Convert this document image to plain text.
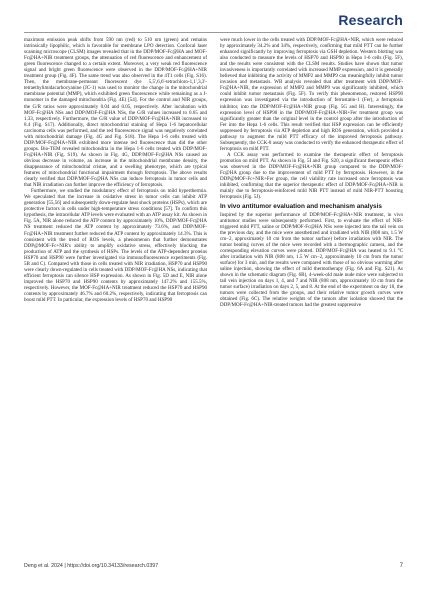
Research

maximum emission peak shifts from 590 nm (red) to 510 nm (green) and remains intrinsically lipophilic, which is favorable for membrane LPO detection. Confocal laser scanning microscope (CLSM) images revealed that in the DDP/MOF-Fc@HA and MOF-Fc@HA+NIR treatment groups, the attenuation of red fluorescence and enhancement of green fluorescence changed to a certain extent. Moreover, a very weak red fluorescence signal and bright green fluorescence were observed in the DDP/MOF-Fc@HA+NIR treatment group (Fig. 4F). The same trend was also observed in the 4T1 cells (Fig. S16). Then, the membrane-permeant fluorescent dye 5,5',6,6'-tetrachloro-1,1',3,3'-tetraethylimidacarbocyanine (JC-1) was used to monitor the change in the mitochondrial membrane potential (MMP), which exhibited green fluorescence while remaining as a J-monomer in the damaged mitochondria (Fig. 4E) [54]. For the control and NIR groups, the G/R ratios were approximately 0.04 and 0.05, respectively. After incubation with MOF-Fc@HA NSs and DDP/MOF-Fc@HA NSs, the G/R values increased to 0.65 and 1.33, respectively. Furthermore, the G/R value of DDP/MOF-Fc@HA+NIR increased to 8.4 (Fig. S17). Additionally, direct mitochondrial staining of Hepa 1-6 hepatocellular carcinoma cells was performed, and the red fluorescence signal was negatively correlated with mitochondrial damage (Fig. 4G and Fig. S18). The Hepa 1-6 cells treated with DDP/MOF-Fc@HA+NIR exhibited more intense red fluorescence than did the other groups. Bio-TEM revealed mitochondria in the Hepa 1-6 cells treated with DDP/MOF-Fc@HA+NIR (Fig. S19). As shown in Fig. 4G, DDP/MOF-Fc@HA NSs caused an obvious decrease in volume, an increase in the mitochondrial membrane density, the disappearance of mitochondrial cristae, and a swelling phenotype, which are typical features of mitochondrial functional impairment through ferroptosis. The above results clearly verified that DDP/MOF-Fc@HA NSs can induce ferroptosis in tumor cells and that NIR irradiation can further improve the efficiency of ferroptosis.

Furthermore, we studied the modulatory effect of ferroptosis on mild hyperthermia. We speculated that the increase in oxidative stress in tumor cells can inhibit ATP generation [55,56] and subsequently down-regulate heat shock proteins (HSPs), which are protective factors in cells under high-temperature stress conditions [57]. To confirm this hypothesis, the intracellular ATP levels were evaluated with an ATP assay kit. As shown in Fig. 5A, NIR alone reduced the ATP content by approximately 10%, DDP/MOF-Fc@HA NS treatment reduced the ATP content by approximately 73.6%, and DDP/MOF-Fc@HA+NIR treatment further reduced the ATP content by approximately 14.3%. This is consistent with the trend of ROS levels, a phenomenon that further demonstrates DDP@MOF-Fc+NIR's ability to amplify oxidative stress, effectively blocking the production of ATP and the synthesis of HSPs. The levels of the ATP-dependent proteins HSP70 and HSP90 were further investigated via immunofluorescence experiments (Fig. 5B and C). Compared with those in cells treated with NIR irradiation, HSP70 and HSP90 were clearly down-regulated in cells treated with DDP/MOF-Fc@HA NSs, indicating that efficient ferroptosis can silence HSP expression. As shown in Fig. 5D and E, NIR alone improved the HSP70 and HSP90 contents by approximately 147.2% and 155.5%, respectively. However, the MOF-Fc@HA+NIR treatment reduced the HSP70 and HSP90 contents by approximately 46.7% and 60.2%, respectively, indicating that ferroptosis can boost mild PTT. In particular, the expression levels of HSP70 and HSP90

were much lower in the cells treated with DDP/MOF-Fc@HA+NIR, which were reduced by approximately 34.2% and 34%, respectively, confirming that mild PTT can be further enhanced significantly by improving ferroptosis via GSH depletion. Western blotting was also conducted to measure the levels of HSP70 and HSP90 in Hepa 1-6 cells (Fig. 5F), and the results were consistent with the CLSM results. Studies have shown that tumor invasiveness is importantly correlated with increased MMP expression, and it is generally believed that inhibiting the activity of MMP2 and MMP9 can meaningfully inhibit tumor invasion and metastasis. WB analysis revealed that after treatment with DDP/MOF-Fc@HA+NIR, the expression of MMP2 and MMP9 was significantly inhibited, which could inhibit tumor metastasis (Fig. 5F). To verify this phenomenon, restored HSP90 expression was investigated via the introduction of ferrostatin-1 (Fer), a ferroptosis inhibitor, into the DDP/MOF-Fc@HA+NIR group (Fig. 5G and H). Interestingly, the expression level of HSP90 in the DDP/MOF-Fc@HA+NIR+Fer treatment group was significantly greater than the original level in the control group after the introduction of Fer into the Hepa 1-6 cells. This result verified that HSP expression can be efficiently suppressed by ferroptosis via ATP depletion and high ROS generation, which provided a pathway to augment the mild PTT efficacy of the improved ferroptosis pathway. Subsequently, the CCK-8 assay was conducted to verify the enhanced therapeutic effect of ferroptosis on mild PTT.

A CCK assay was performed to examine the therapeutic effect of ferroptosis promotion on mild PTT. As shown in Fig. 5I and Fig. S20, a significant therapeutic effect was observed in the DDP/MOF-Fc@HA+NIR group compared to the DDP/MOF-Fc@HA group due to the improvement of mild PTT by ferroptosis. However, in the DDP@MOF-Fc+NIR+Fer group, the cell viability rate increased once ferroptosis was inhibited, confirming that the superior therapeutic effect of DDP/MOF-Fc@HA+NIR is mainly due to ferroptosis-reinforced mild NIR PTT instead of mild NIR-PTT boosting ferroptosis (Fig. 5J).

In vivo antitumor evaluation and mechanism analysis

Inspired by the superior performance of DDP/MOF-Fc@HA+NIR treatment, in vivo antitumor studies were subsequently performed. First, to evaluate the effect of NIR-triggered mild PTT, saline or DDP/MOF-Fc@HA NSs were injected into the tail vein on the previous day, and the mice were anesthetized and irradiated with NIR (808 nm, 1.5 W cm−2, approximately 10 cm from the tumor surface) before irradiation with NIR. The tumor heating curves of the mice were recorded with a thermographic camera, and the corresponding elevation curves were plotted. DDP/MOF-Fc@HA was heated to 9.1 °C after irradiation with NIR (808 nm, 1.5 W cm−2, approximately 10 cm from the tumor surface) for 3 min, and the results were compared with those of no obvious warming after saline injection, showing the effect of mild thermotherapy (Fig. 6A and Fig. S21). As shown in the schematic diagram (Fig. 6B), 4-week-old male nude mice were subjected to tail vein injection on days 1, 4, and 7 and NIR (808 nm, approximately 10 cm from the tumor surface) irradiation on days 2, 5, and 8. At the end of the experiment on day 18, the tumors were collected from the groups, and their relative tumor growth curves were obtained (Fig. 6C). The relative weights of the tumors after isolation showed that the DDP/MOF-Fc@HA+NIR-treated tumors had the greatest suppressive

Deng et al. 2024 | https://doi.org/10.34133/research.0397	7
